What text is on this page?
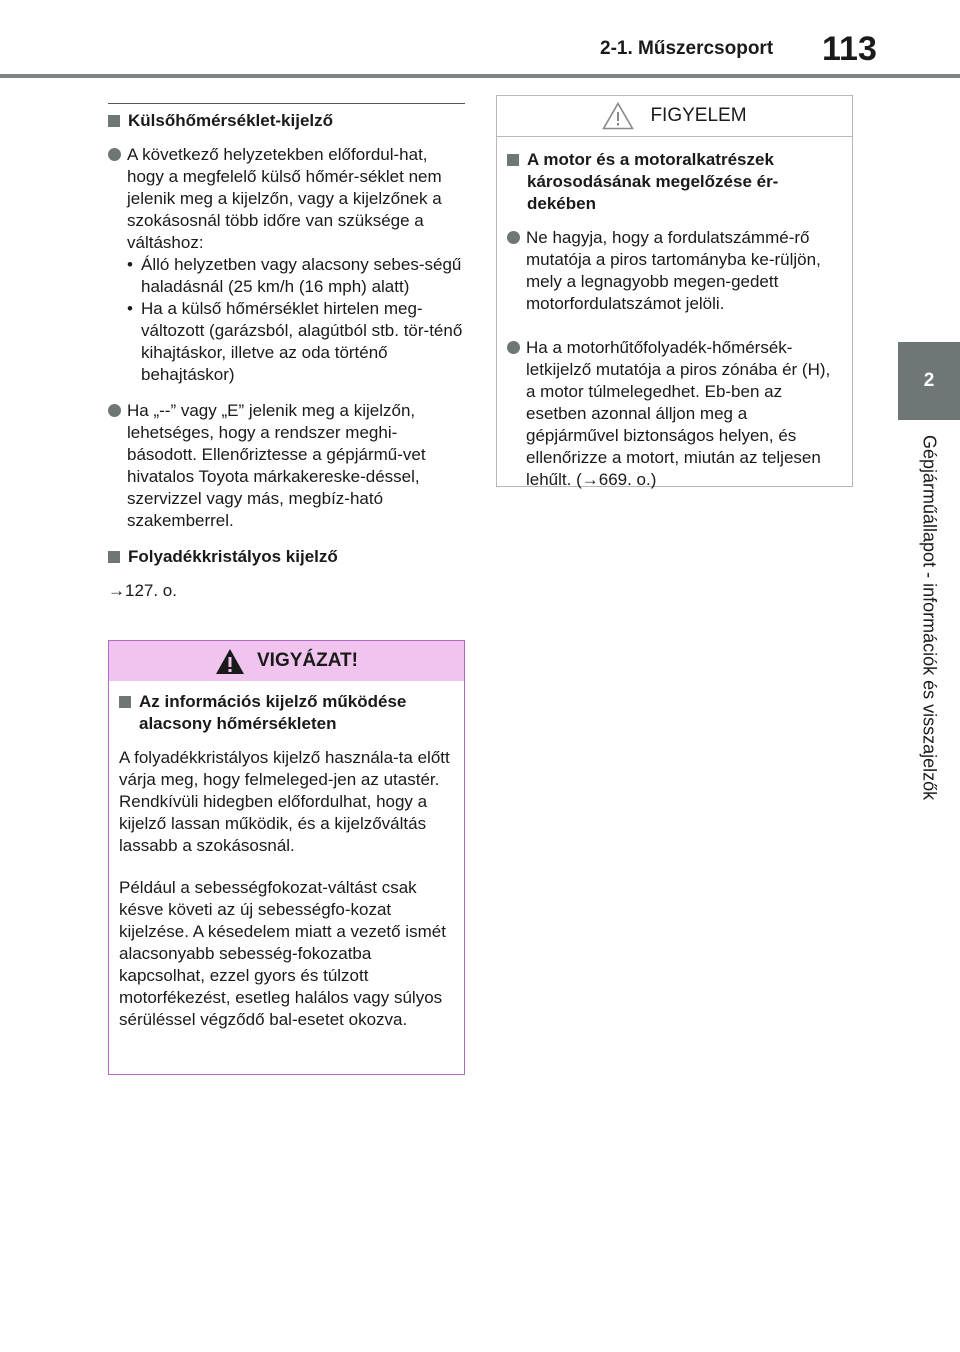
2-1. Műszercsoport 113
2
Gépjárműállapot - információk és visszajelzők
Külsőhőmérséklet-kijelző
A következő helyzetekben előfordul-hat, hogy a megfelelő külső hőmér-séklet nem jelenik meg a kijelzőn, vagy a kijelzőnek a szokásosnál több időre van szüksége a váltáshoz:
• Álló helyzetben vagy alacsony sebes-ségű haladásnál (25 km/h (16 mph) alatt)
• Ha a külső hőmérséklet hirtelen meg-változott (garázsból, alagútból stb. tör-ténő kihajtáskor, illetve az oda történő behajtáskor)
Ha „--” vagy „E” jelenik meg a kijelzőn, lehetséges, hogy a rendszer meghi-básodott. Ellenőriztesse a gépjármű-vet hivatalos Toyota márkakereske-déssel, szervizzel vagy más, megbíz-ható szakemberrel.
Folyadékkristályos kijelző
→127. o.
VIGYÁZAT!
Az információs kijelző működése alacsony hőmérsékleten
A folyadékkristályos kijelző használa-ta előtt várja meg, hogy felmeleged-jen az utastér. Rendkívüli hidegben előfordulhat, hogy a kijelző lassan működik, és a kijelzőváltás lassabb a szokásosnál.
Például a sebességfokozat-váltást csak késve követi az új sebességfo-kozat kijelzése. A késedelem miatt a vezető ismét alacsonyabb sebesség-fokozatba kapcsolhat, ezzel gyors és túlzott motorfékezést, esetleg halálos vagy súlyos sérüléssel végződő bal-esetet okozva.
FIGYELEM
A motor és a motoralkatrészek károsodásának megelőzése ér-dekében
Ne hagyja, hogy a fordulatszámmé-rő mutatója a piros tartományba ke-rüljön, mely a legnagyobb megen-gedett motorfordulatszámot jelöli.
Ha a motorhűtőfolyadék-hőmérsék-letkijelző mutatója a piros zónába ér (H), a motor túlmelegedhet. Eb-ben az esetben azonnal álljon meg a gépjárművel biztonságos helyen, és ellenőrizze a motort, miután az teljesen lehűlt. (→669. o.)
